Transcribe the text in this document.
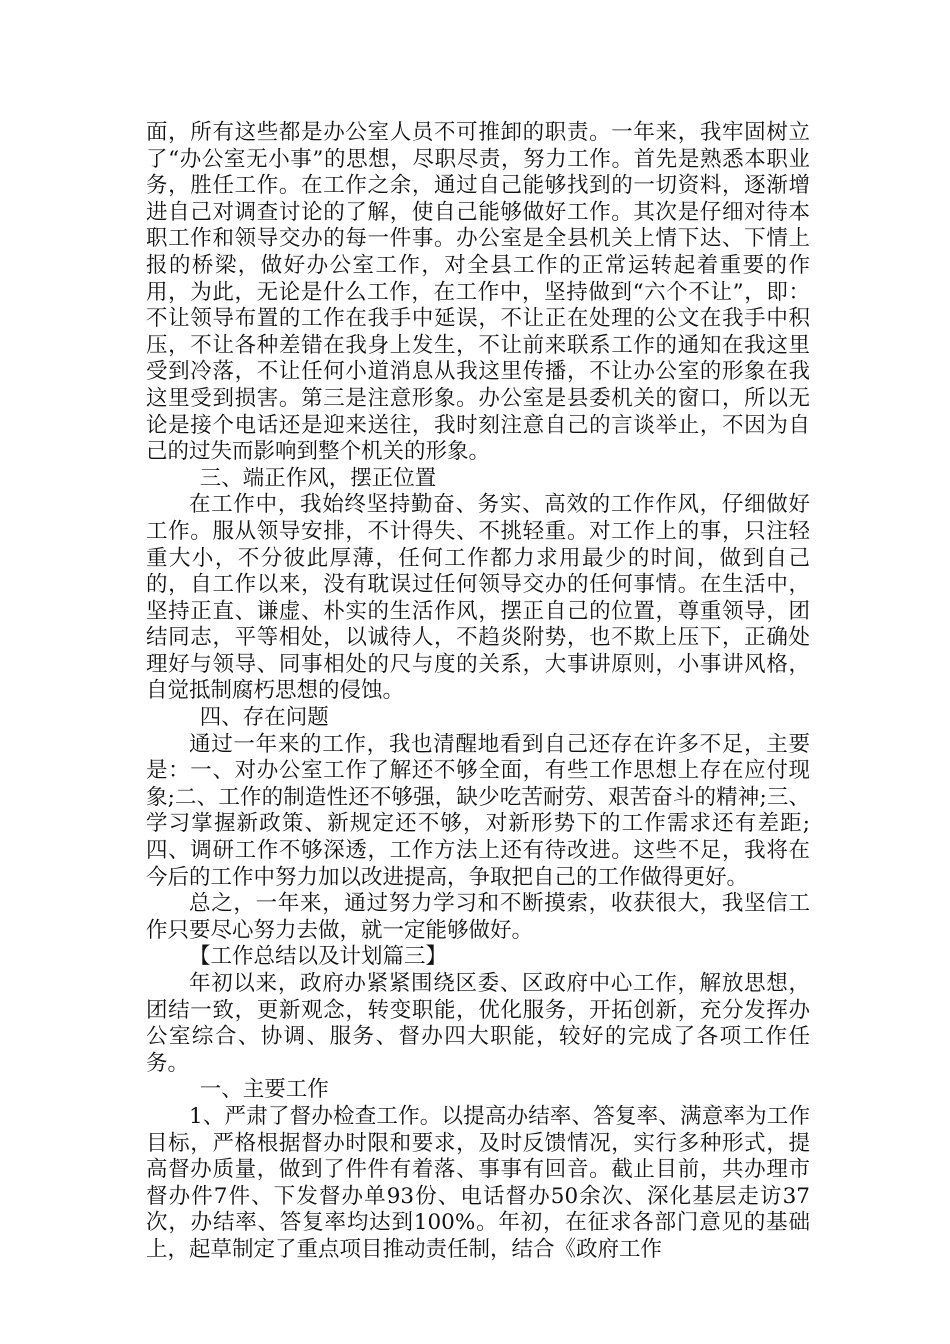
面，所有这些都是办公室人员不可推卸的职责。一年来，我牢固树立了“办公室无小事”的思想，尽职尽责，努力工作。首先是熟悉本职业务，胜任工作。在工作之余，通过自己能够找到的一切资料，逐渐增进自己对调查讨论的了解，使自己能够做好工作。其次是仔细对待本职工作和领导交办的每一件事。办公室是全县机关上情下达、下情上报的桥梁，做好办公室工作，对全县工作的正常运转起着重要的作用，为此，无论是什么工作，在工作中，坚持做到“六个不让”，即：不让领导布置的工作在我手中延误，不让正在处理的公文在我手中积压，不让各种差错在我身上发生，不让前来联系工作的通知在我这里受到冷落，不让任何小道消息从我这里传播，不让办公室的形象在我这里受到损害。第三是注意形象。办公室是县委机关的窗口，所以无论是接个电话还是迎来送往，我时刻注意自己的言谈举止，不因为自己的过失而影响到整个机关的形象。

三、端正作风，摆正位置

在工作中，我始终坚持勤奋、务实、高效的工作作风，仔细做好工作。服从领导安排，不计得失、不挑轻重。对工作上的事，只注轻重大小，不分彼此厚薄，任何工作都力求用最少的时间，做到自己的，自工作以来，没有耽误过任何领导交办的任何事情。在生活中，坚持正直、谦虚、朴实的生活作风，摆正自己的位置，尊重领导，团结同志，平等相处，以诚待人，不趋炎附势，也不欺上压下，正确处理好与领导、同事相处的尺与度的关系，大事讲原则，小事讲风格，自觉抵制腐朽思想的侵蚀。

四、存在问题

通过一年来的工作，我也清醒地看到自己还存在许多不足，主要是：一、对办公室工作了解还不够全面，有些工作思想上存在应付现象;二、工作的制造性还不够强，缺少吃苦耐劳、艰苦奋斗的精神;三、学习掌握新政策、新规定还不够，对新形势下的工作需求还有差距;四、调研工作不够深透，工作方法上还有待改进。这些不足，我将在今后的工作中努力加以改进提高，争取把自己的工作做得更好。

总之，一年来，通过努力学习和不断摸索，收获很大，我坚信工作只要尽心努力去做，就一定能够做好。

【工作总结以及计划篇三】

年初以来，政府办紧紧围绕区委、区政府中心工作，解放思想，团结一致，更新观念，转变职能，优化服务，开拓创新，充分发挥办公室综合、协调、服务、督办四大职能，较好的完成了各项工作任务。

一、主要工作

1、严肃了督办检查工作。以提高办结率、答复率、满意率为工作目标，严格根据督办时限和要求，及时反馈情况，实行多种形式，提高督办质量，做到了件件有着落、事事有回音。截止目前，共办理市督办件7件、下发督办单93份、电话督办50余次、深化基层走访37次，办结率、答复率均达到100%。年初，在征求各部门意见的基础上，起草制定了重点项目推动责任制，结合《政府工作
